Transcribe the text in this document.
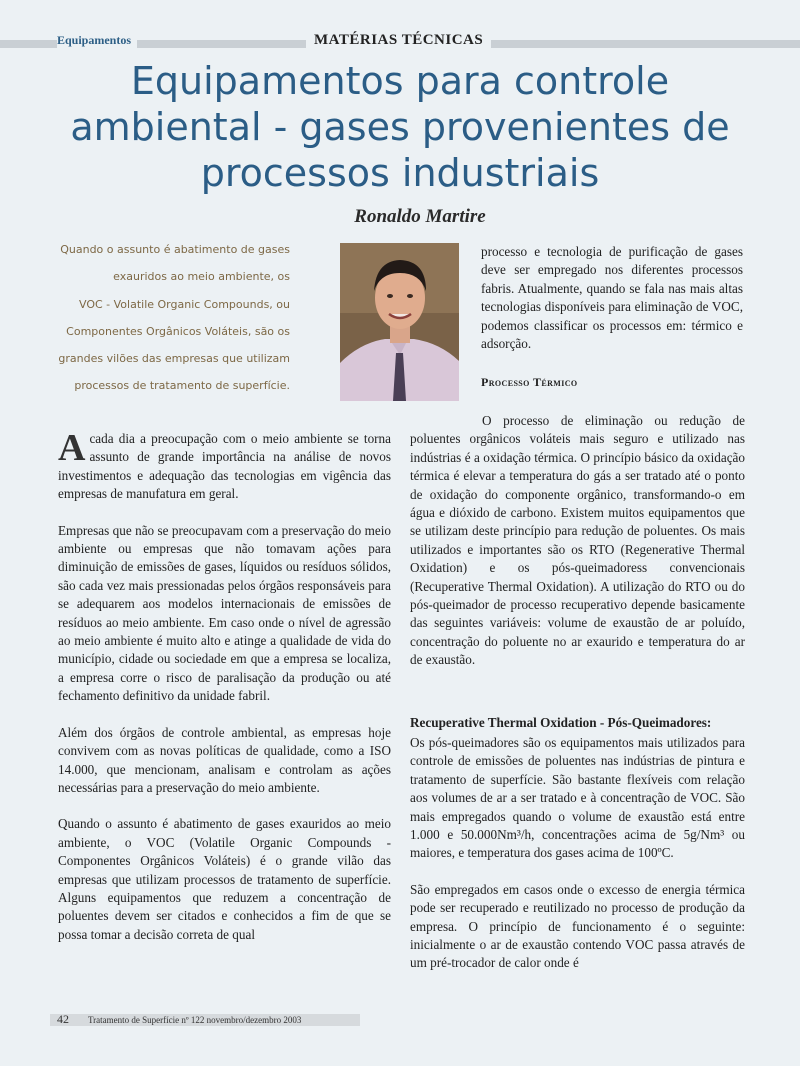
Equipamentos	MATÉRIAS TÉCNICAS
Equipamentos para controle
ambiental - gases provenientes de
processos industriais
Ronaldo Martire
Quando o assunto é abatimento de gases
exauridos ao meio ambiente, os
VOC - Volatile Organic Compounds, ou
Componentes Orgânicos Voláteis, são os
grandes vilões das empresas que utilizam
processos de tratamento de superfície.

processo e tecnologia de purificação de gases deve ser empregado nos diferentes processos fabris. Atualmente, quando se fala nas mais altas tecnologias disponíveis para eliminação de VOC, podemos classificar os processos em: térmico e adsorção.

Processo Térmico

O processo de eliminação ou redução de poluentes orgânicos voláteis mais seguro e utilizado nas indústrias é a oxidação térmica. O princípio básico da oxidação térmica é elevar a temperatura do gás a ser tratado até o ponto de oxidação do componente orgânico, transformando-o em água e dióxido de carbono. Existem muitos equipamentos que se utilizam deste princípio para redução de poluentes. Os mais utilizados e importantes são os RTO (Regenerative Thermal Oxidation) e os pós-queimadoress convencionais (Recuperative Thermal Oxidation). A utilização do RTO ou do pós-queimador de processo recuperativo depende basicamente das seguintes variáveis: volume de exaustão de ar poluído, concentração do poluente no ar exaurido e temperatura do ar de exaustão.

Recuperative Thermal Oxidation - Pós-Queimadores:

Os pós-queimadores são os equipamentos mais utilizados para controle de emissões de poluentes nas indústrias de pintura e tratamento de superfície. São bastante flexíveis com relação aos volumes de ar a ser tratado e à concentração de VOC. São mais empregados quando o volume de exaustão está entre 1.000 e 50.000Nm³/h, concentrações acima de 5g/Nm³ ou maiores, e temperatura dos gases acima de 100ºC.

São empregados em casos onde o excesso de energia térmica pode ser recuperado e reutilizado no processo de produção da empresa. O princípio de funcionamento é o seguinte: inicialmente o ar de exaustão contendo VOC passa através de um pré-trocador de calor onde é

Acada dia a preocupação com o meio ambiente se torna assunto de grande importância na análise de novos investimentos e adequação das tecnologias em vigência das empresas de manufatura em geral.

Empresas que não se preocupavam com a preservação do meio ambiente ou empresas que não tomavam ações para diminuição de emissões de gases, líquidos ou resíduos sólidos, são cada vez mais pressionadas pelos órgãos responsáveis para se adequarem aos modelos internacionais de emissões de resíduos ao meio ambiente. Em caso onde o nível de agressão ao meio ambiente é muito alto e atinge a qualidade de vida do município, cidade ou sociedade em que a empresa se localiza, a empresa corre o risco de paralisação da produção ou até fechamento definitivo da unidade fabril.

Além dos órgãos de controle ambiental, as empresas hoje convivem com as novas políticas de qualidade, como a ISO 14.000, que mencionam, analisam e controlam as ações necessárias para a preservação do meio ambiente.

Quando o assunto é abatimento de gases exauridos ao meio ambiente, o VOC (Volatile Organic Compounds - Componentes Orgânicos Voláteis) é o grande vilão das empresas que utilizam processos de tratamento de superfície. Alguns equipamentos que reduzem a concentração de poluentes devem ser citados e conhecidos a fim de que se possa tomar a decisão correta de qual

42 Tratamento de Superfície nº 122 novembro/dezembro 2003
